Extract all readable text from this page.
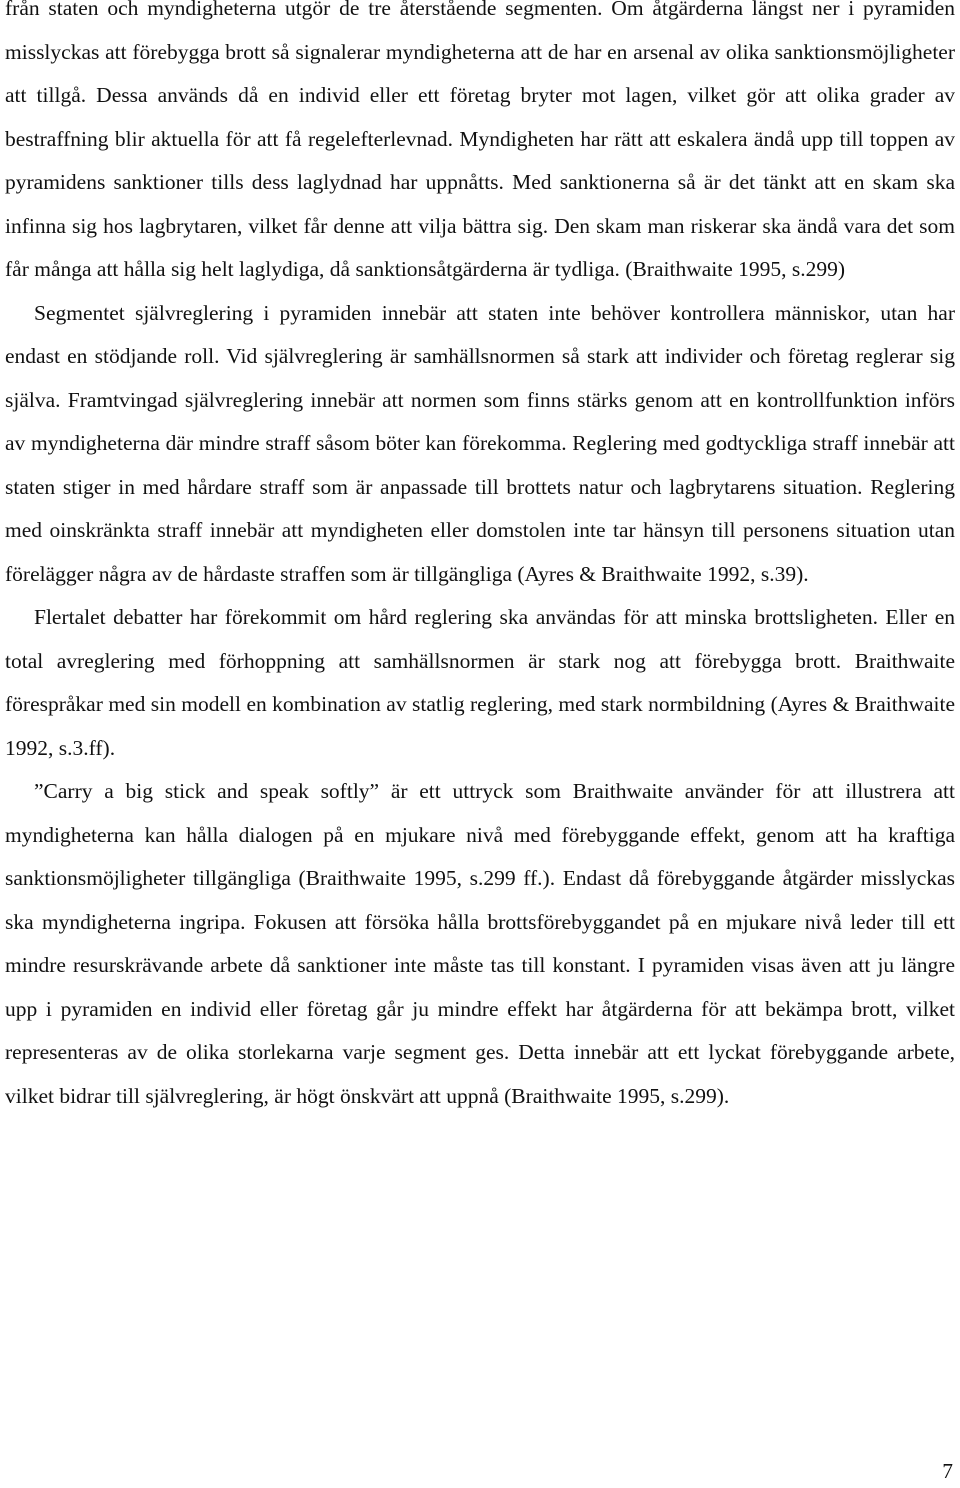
från staten och myndigheterna utgör de tre återstående segmenten. Om åtgärderna längst ner i pyramiden misslyckas att förebygga brott så signalerar myndigheterna att de har en arsenal av olika sanktionsmöjligheter att tillgå. Dessa används då en individ eller ett företag bryter mot lagen, vilket gör att olika grader av bestraffning blir aktuella för att få regelefterlevnad. Myndigheten har rätt att eskalera ändå upp till toppen av pyramidens sanktioner tills dess laglydnad har uppnåtts. Med sanktionerna så är det tänkt att en skam ska infinna sig hos lagbrytaren, vilket får denne att vilja bättra sig. Den skam man riskerar ska ändå vara det som får många att hålla sig helt laglydiga, då sanktionsåtgärderna är tydliga. (Braithwaite 1995, s.299)

Segmentet självreglering i pyramiden innebär att staten inte behöver kontrollera människor, utan har endast en stödjande roll. Vid självreglering är samhällsnormen så stark att individer och företag reglerar sig själva. Framtvingad självreglering innebär att normen som finns stärks genom att en kontrollfunktion införs av myndigheterna där mindre straff såsom böter kan förekomma. Reglering med godtyckliga straff innebär att staten stiger in med hårdare straff som är anpassade till brottets natur och lagbrytarens situation. Reglering med oinskränkta straff innebär att myndigheten eller domstolen inte tar hänsyn till personens situation utan förelägger några av de hårdaste straffen som är tillgängliga (Ayres & Braithwaite 1992, s.39).

Flertalet debatter har förekommit om hård reglering ska användas för att minska brottsligheten. Eller en total avreglering med förhoppning att samhällsnormen är stark nog att förebygga brott. Braithwaite förespråkar med sin modell en kombination av statlig reglering, med stark normbildning (Ayres & Braithwaite 1992, s.3.ff).

”Carry a big stick and speak softly” är ett uttryck som Braithwaite använder för att illustrera att myndigheterna kan hålla dialogen på en mjukare nivå med förebyggande effekt, genom att ha kraftiga sanktionsmöjligheter tillgängliga (Braithwaite 1995, s.299 ff.). Endast då förebyggande åtgärder misslyckas ska myndigheterna ingripa. Fokusen att försöka hålla brottsförebyggandet på en mjukare nivå leder till ett mindre resurskrävande arbete då sanktioner inte måste tas till konstant. I pyramiden visas även att ju längre upp i pyramiden en individ eller företag går ju mindre effekt har åtgärderna för att bekämpa brott, vilket representeras av de olika storlekarna varje segment ges. Detta innebär att ett lyckat förebyggande arbete, vilket bidrar till självreglering, är högt önskvärt att uppnå (Braithwaite 1995, s.299).

7
